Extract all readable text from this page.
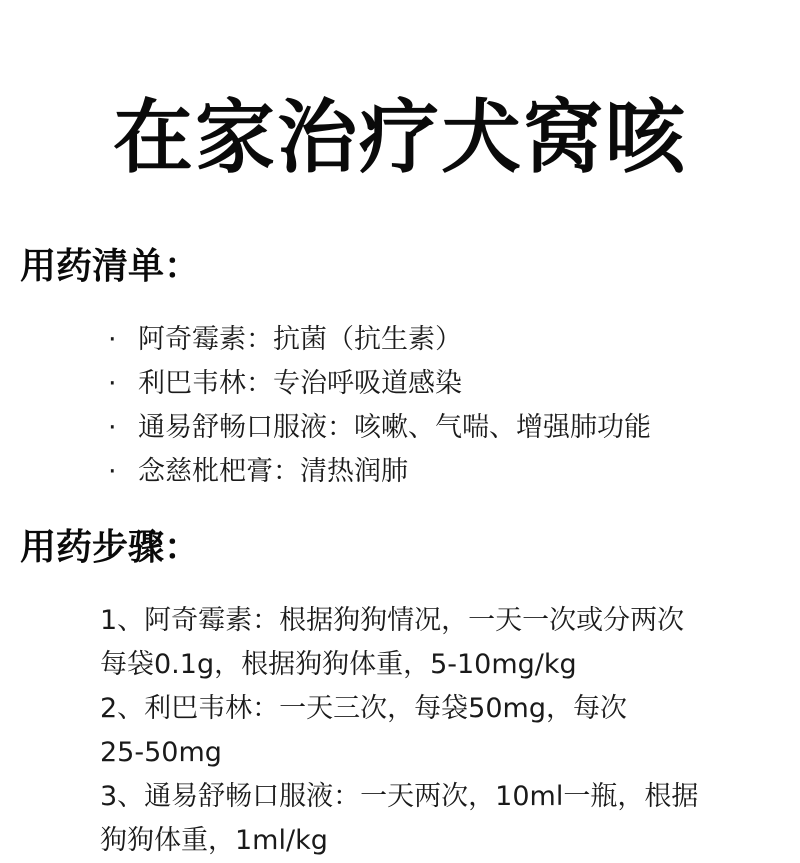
在家治疗犬窝咳
用药清单：
· 阿奇霉素：抗菌（抗生素）
· 利巴韦林：专治呼吸道感染
· 通易舒畅口服液：咳嗽、气喘、增强肺功能
· 念慈枇杷膏：清热润肺
用药步骤：
1、阿奇霉素：根据狗狗情况，一天一次或分两次
每袋0.1g，根据狗狗体重，5-10mg/kg
2、利巴韦林：一天三次，每袋50mg，每次
25-50mg
3、通易舒畅口服液：一天两次，10ml一瓶，根据
狗狗体重，1ml/kg
